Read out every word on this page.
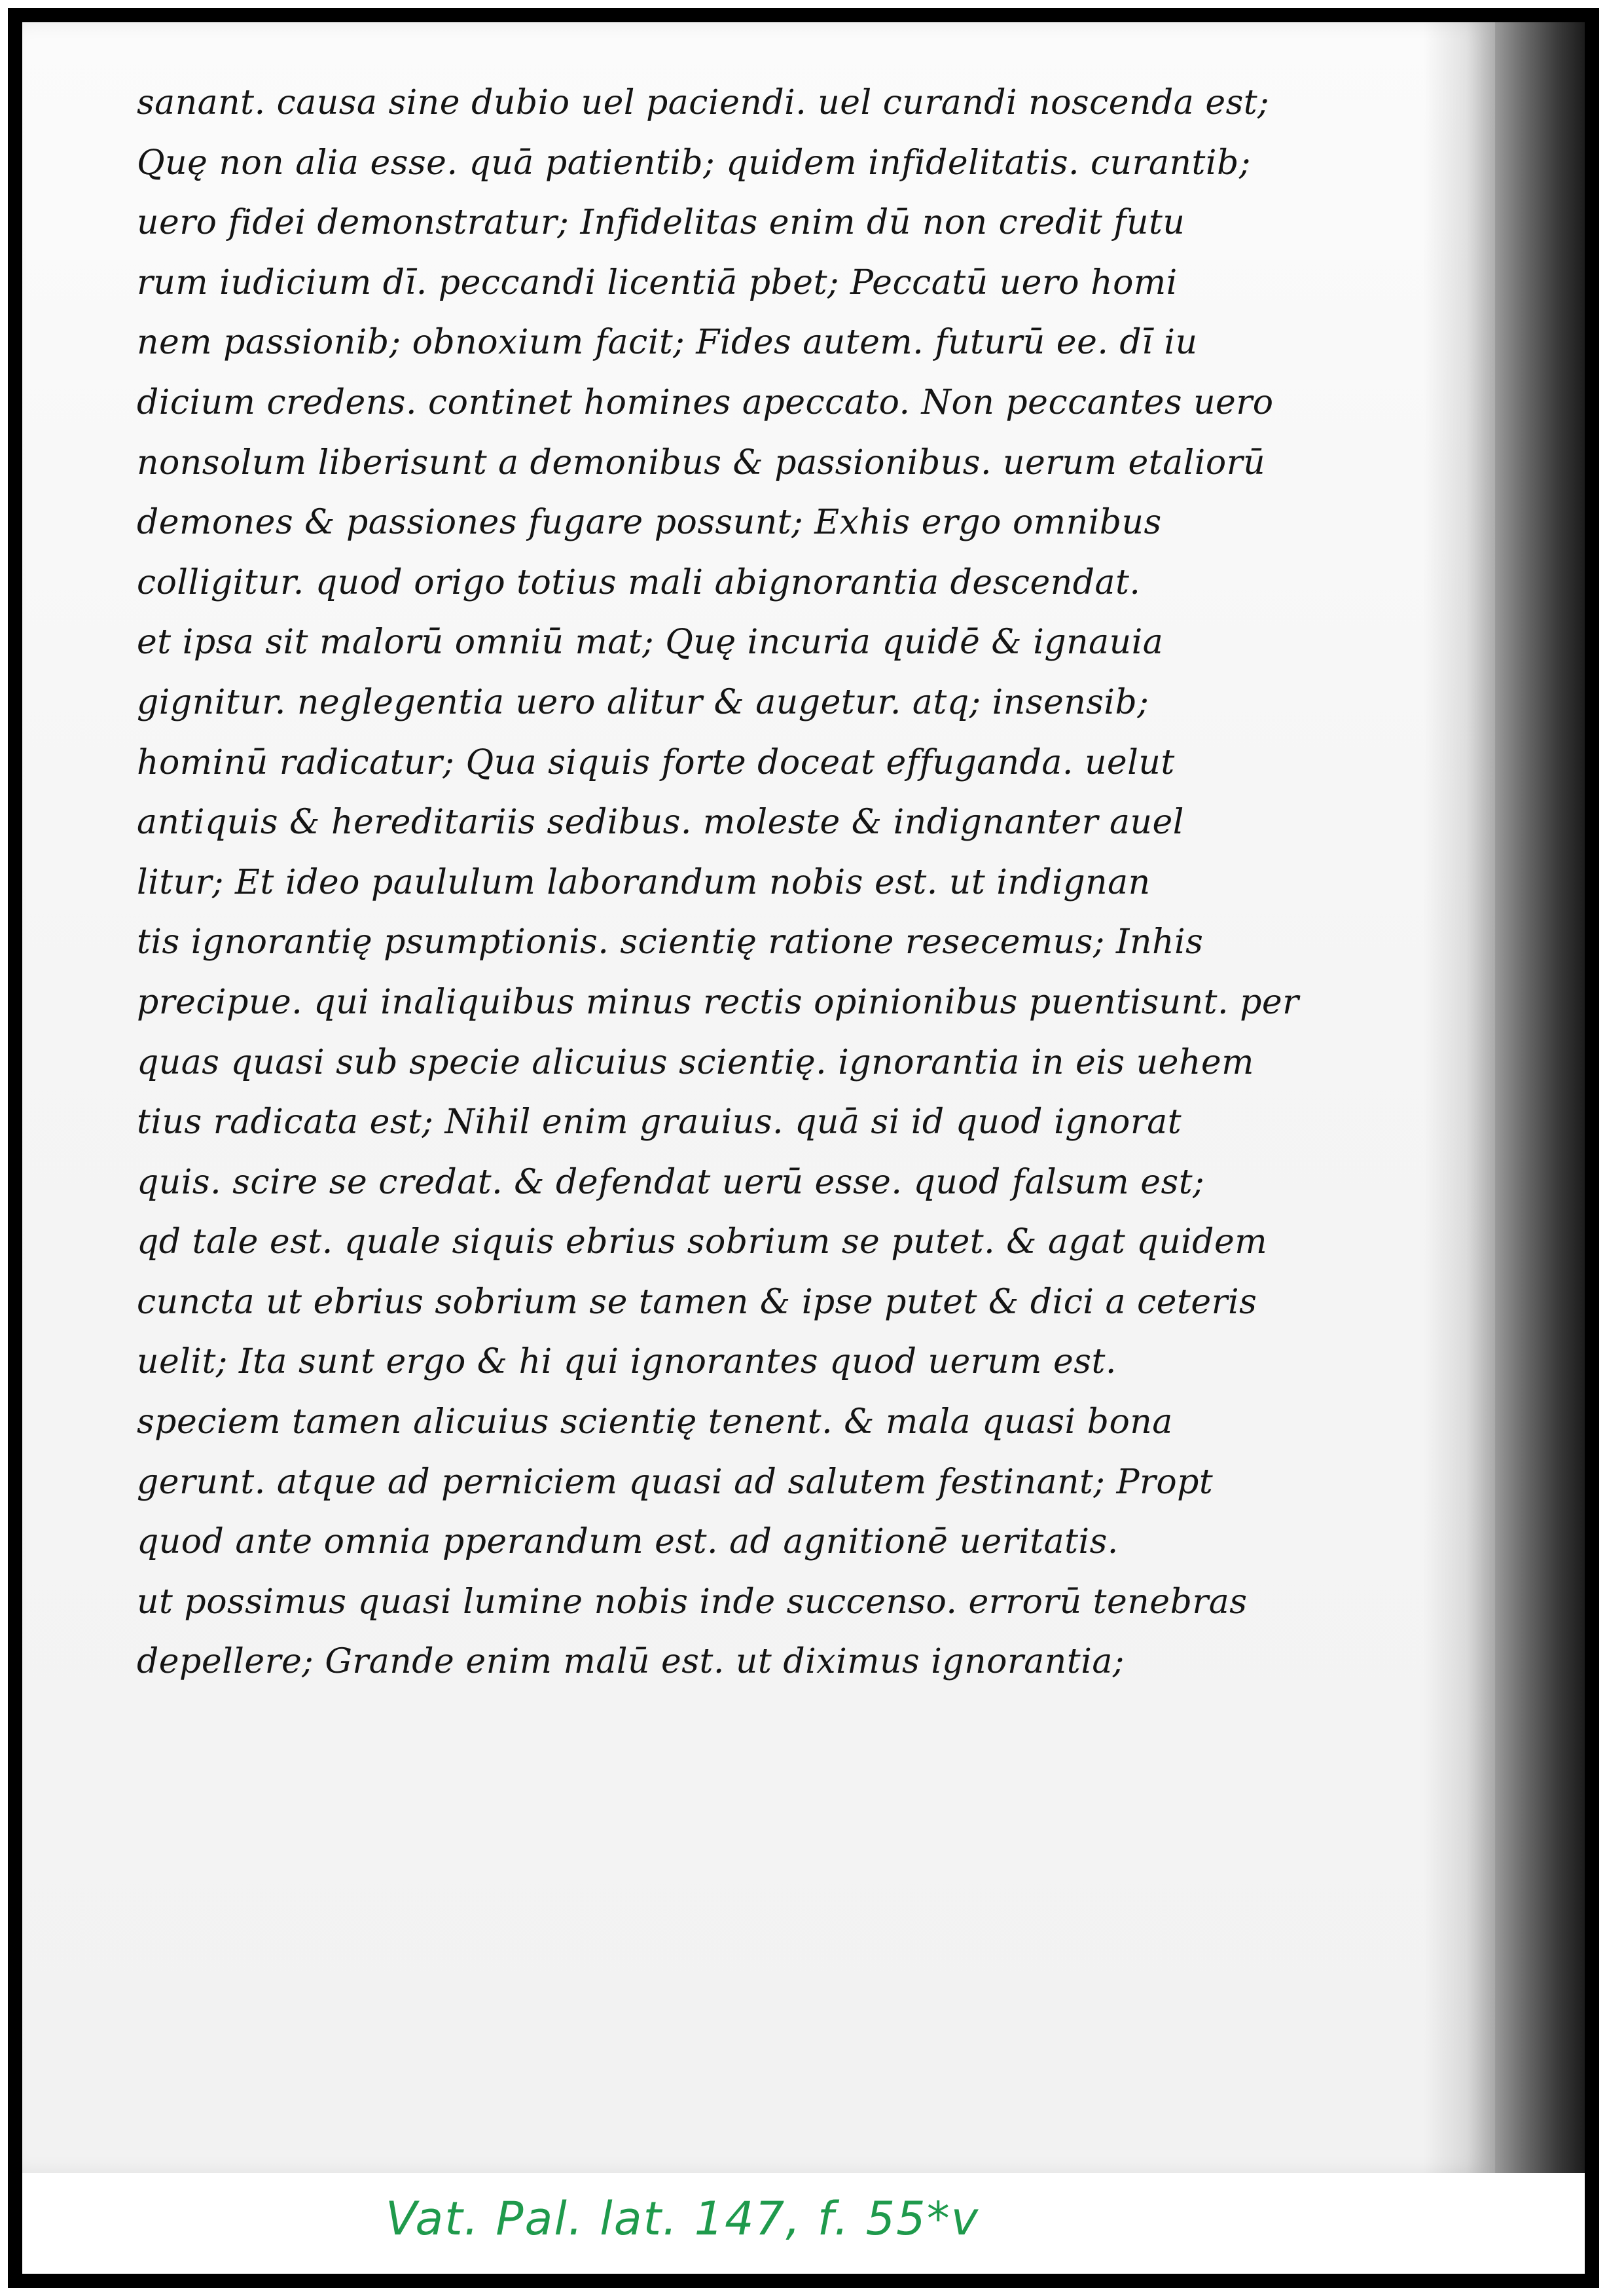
sanant. causa sine dubio uel paciendi. uel curandi noscenda est;
Quę non alia esse. quā patientib; quidem infidelitatis. curantib;
uero fidei demonstratur; Infidelitas enim dū non credit futu
rum iudicium dī. peccandi licentiā pbet; Peccatū uero homi
nem passionib; obnoxium facit; Fides autem. futurū ee. dī iu
dicium credens. continet homines apeccato. Non peccantes uero
nonsolum liberisunt a demonibus & passionibus. uerum etaliorū
demones & passiones fugare possunt; Exhis ergo omnibus
colligitur. quod origo totius mali abignorantia descendat.
et ipsa sit malorū omniū mat; Quę incuria quidē & ignauia
gignitur. neglegentia uero alitur & augetur. atq; insensib;
hominū radicatur; Qua siquis forte doceat effuganda. uelut
antiquis & hereditariis sedibus. moleste & indignanter auel
litur; Et ideo paululum laborandum nobis est. ut indignan
tis ignorantię psumptionis. scientię ratione resecemus; Inhis
precipue. qui inaliquibus minus rectis opinionibus puentisunt. per
quas quasi sub specie alicuius scientię. ignorantia in eis uehem
tius radicata est; Nihil enim grauius. quā si id quod ignorat
quis. scire se credat. & defendat uerū esse. quod falsum est;
qd tale est. quale siquis ebrius sobrium se putet. & agat quidem
cuncta ut ebrius sobrium se tamen & ipse putet & dici a ceteris
uelit; Ita sunt ergo & hi qui ignorantes quod uerum est.
speciem tamen alicuius scientię tenent. & mala quasi bona
gerunt. atque ad perniciem quasi ad salutem festinant; Propt
quod ante omnia pperandum est. ad agnitionē ueritatis.
ut possimus quasi lumine nobis inde succenso. errorū tenebras
depellere; Grande enim malū est. ut diximus ignorantia;
Vat. Pal. lat. 147, f. 55*v
